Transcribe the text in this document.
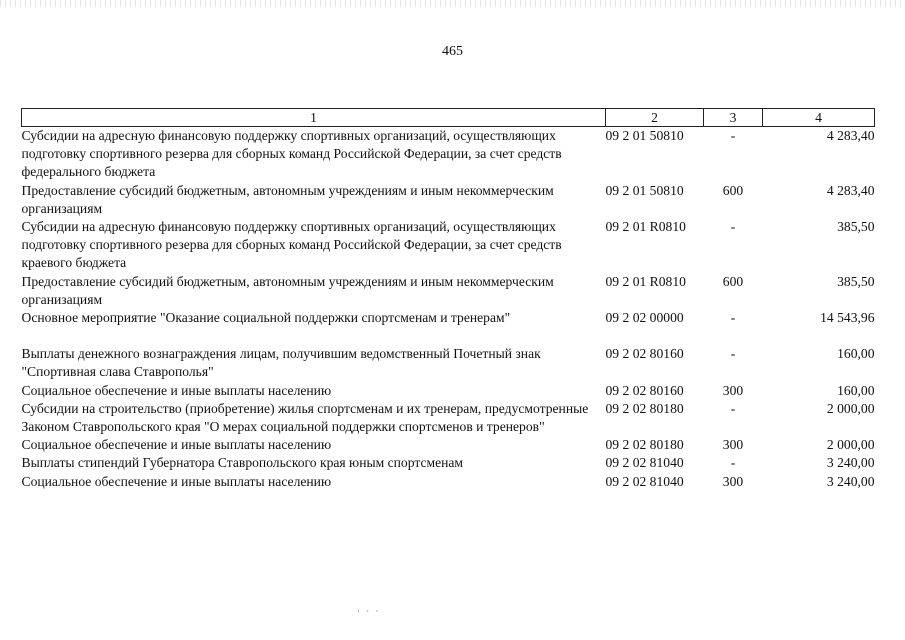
465
1	2	3	4
Субсидии на адресную финансовую поддержку спортивных организаций, осуществляющих подготовку спортивного резерва для сборных команд Российской Федерации, за счет средств федерального бюджета	09 2 01 50810	-	4 283,40
Предоставление субсидий бюджетным, автономным учреждениям и иным некоммерческим организациям	09 2 01 50810	600	4 283,40
Субсидии на адресную финансовую поддержку спортивных организаций, осуществляющих подготовку спортивного резерва для сборных команд Российской Федерации, за счет средств краевого бюджета	09 2 01 R0810	-	385,50
Предоставление субсидий бюджетным, автономным учреждениям и иным некоммерческим организациям	09 2 01 R0810	600	385,50
Основное мероприятие "Оказание социальной поддержки спортсменам и тренерам"	09 2 02 00000	-	14 543,96

Выплаты денежного вознаграждения лицам, получившим ведомственный Почетный знак "Спортивная слава Ставрополья"	09 2 02 80160	-	160,00
Социальное обеспечение и иные выплаты населению	09 2 02 80160	300	160,00
Субсидии на строительство (приобретение) жилья спортсменам и их тренерам, предусмотренные Законом Ставропольского края "О мерах социальной поддержки спортсменов и тренеров"	09 2 02 80180	-	2 000,00
Социальное обеспечение и иные выплаты населению	09 2 02 80180	300	2 000,00
Выплаты стипендий Губернатора Ставропольского края юным спортсменам	09 2 02 81040	-	3 240,00
Социальное обеспечение и иные выплаты населению	09 2 02 81040	300	3 240,00
· · ·
